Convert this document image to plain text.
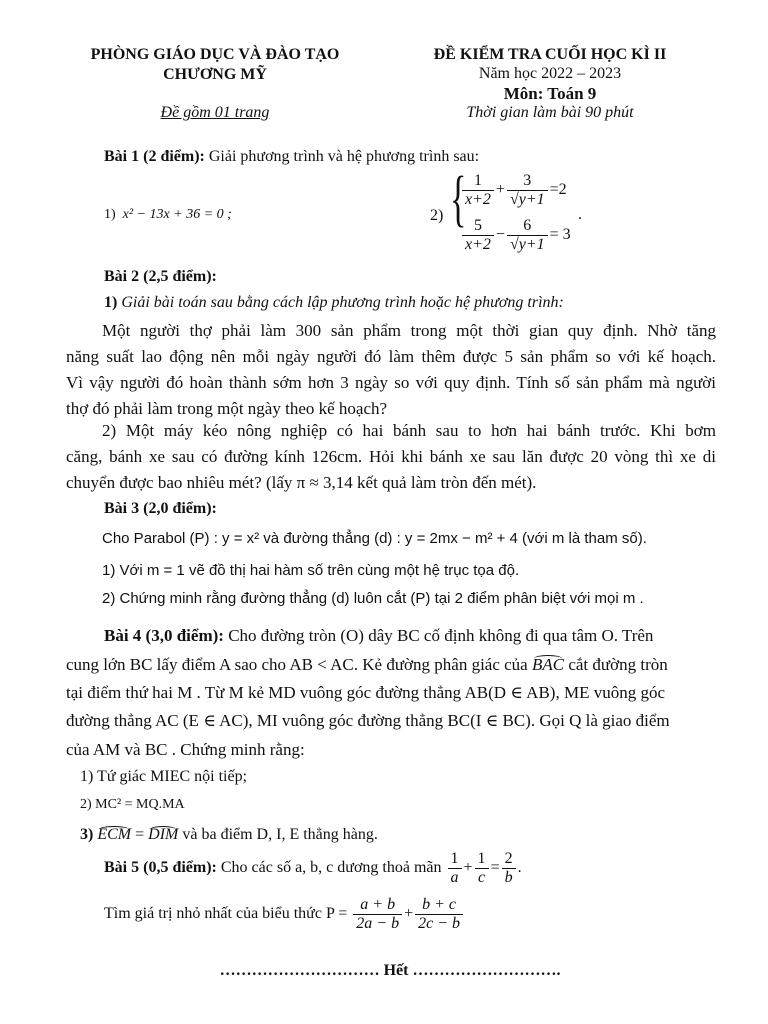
PHÒNG GIÁO DỤC VÀ ĐÀO TẠO
CHƯƠNG MỸ
Đề gồm 01 trang
ĐỀ KIỂM TRA CUỐI HỌC KÌ II
Năm học 2022 – 2023
Môn: Toán 9
Thời gian làm bài 90 phút
Bài 1 (2 điểm): Giải phương trình và hệ phương trình sau:
1) x² − 13x + 36 = 0 ;	2) {
$\frac{1}{x+2} + \frac{3}{√y+1} =2$
$\frac{5}{x+2} - \frac{6}{√y+1} = 3$
.
Bài 2 (2,5 điểm):
1) Giải bài toán sau bằng cách lập phương trình hoặc hệ phương trình:
Một người thợ phải làm 300 sản phẩm trong một thời gian quy định. Nhờ tăng
năng suất lao động nên mỗi ngày người đó làm thêm được 5 sản phẩm so với kế hoạch.
Vì vậy người đó hoàn thành sớm hơn 3 ngày so với quy định. Tính số sản phẩm mà người
thợ đó phải làm trong một ngày theo kế hoạch?
2) Một máy kéo nông nghiệp có hai bánh sau to hơn hai bánh trước. Khi bơm
căng, bánh xe sau có đường kính 126cm. Hỏi khi bánh xe sau lăn được 20 vòng thì xe di
chuyển được bao nhiêu mét? (lấy π ≈ 3,14 kết quả làm tròn đến mét).
Bài 3 (2,0 điểm):
Cho Parabol (P) : y = x² và đường thẳng (d) : y = 2mx − m² + 4 (với m là tham số).
1) Với m = 1 vẽ đồ thị hai hàm số trên cùng một hệ trục tọa độ.
2) Chứng minh rằng đường thẳng (d) luôn cắt (P) tại 2 điểm phân biệt với mọi m .
Bài 4 (3,0 điểm): Cho đường tròn (O) dây BC cố định không đi qua tâm O. Trên
cung lớn BC lấy điểm A sao cho AB < AC. Kẻ đường phân giác của BAC cắt đường tròn
tại điểm thứ hai M . Từ M kẻ MD vuông góc đường thẳng AB(D ∈ AB), ME vuông góc
đường thẳng AC (E ∈ AC), MI vuông góc đường thẳng BC(I ∈ BC). Gọi Q là giao điểm
của AM và BC . Chứng minh rằng:
1) Tứ giác MIEC nội tiếp;
2) MC² = MQ.MA
3) ECM = DIM và ba điểm D, I, E thẳng hàng.
Bài 5 (0,5 điểm): Cho các số a, b, c dương thoả mãn $\frac{1}{a} + \frac{1}{c} = \frac{2}{b}$ .
Tìm giá trị nhỏ nhất của biểu thức $P = \frac{a + b}{2a - b} + \frac{b + c}{2c - b}$
………………………… Hết ……………………….
